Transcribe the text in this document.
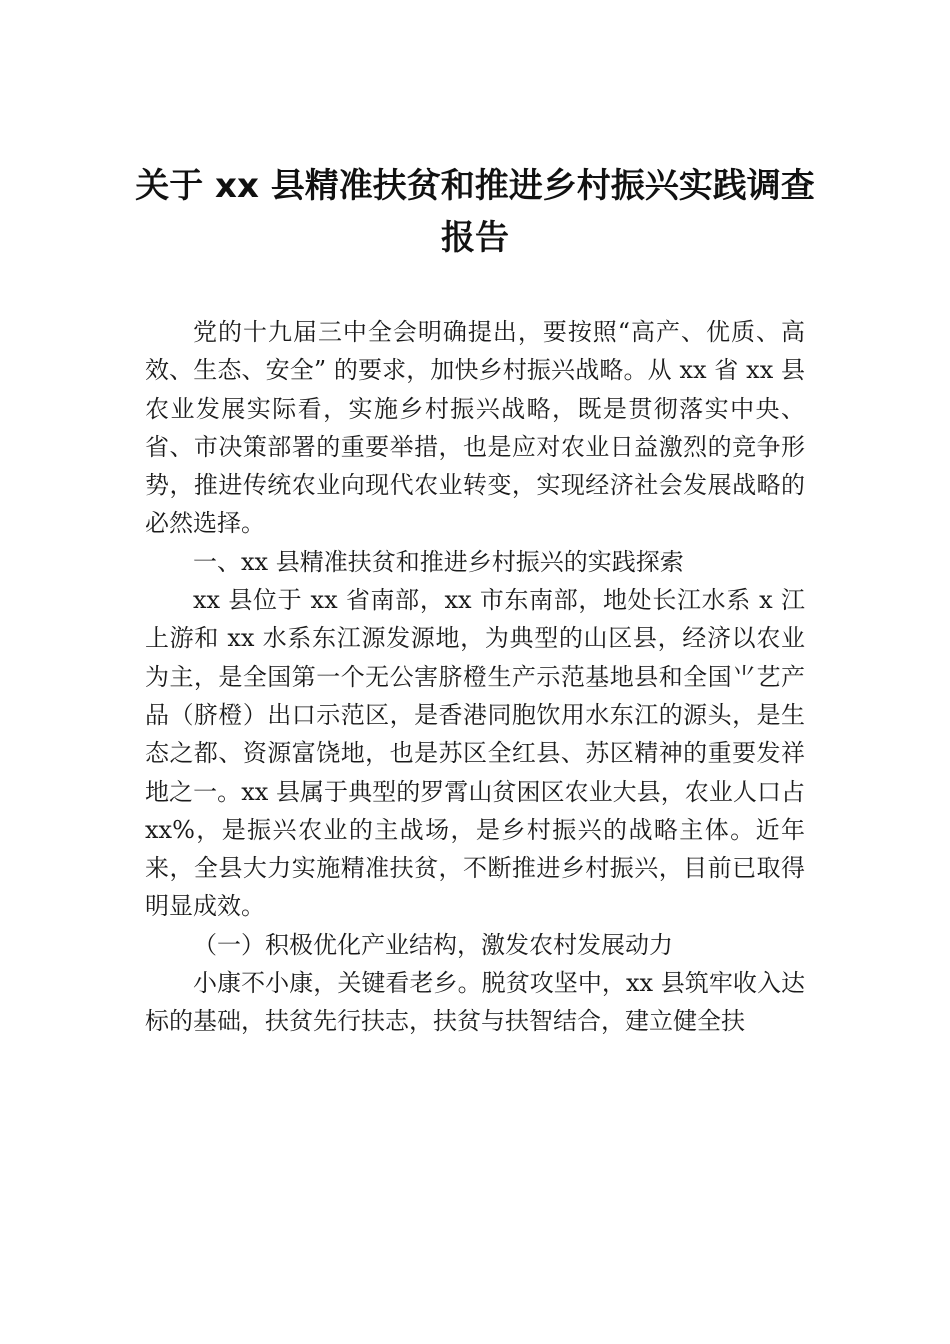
关于 xx 县精准扶贫和推进乡村振兴实践调查报告

党的十九届三中全会明确提出，要按照“高产、优质、高效、生态、安全” 的要求，加快乡村振兴战略。从 xx 省 xx 县农业发展实际看，实施乡村振兴战略，既是贯彻落实中央、省、市决策部署的重要举措，也是应对农业日益激烈的竞争形势，推进传统农业向现代农业转变，实现经济社会发展战略的必然选择。

一、xx 县精准扶贫和推进乡村振兴的实践探索

xx 县位于 xx 省南部，xx 市东南部，地处长江水系 x 江上游和 xx 水系东江源发源地，为典型的山区县，经济以农业为主，是全国第一个无公害脐橙生产示范基地县和全国⺌艺产品（脐橙）出口示范区，是香港同胞饮用水东江的源头，是生态之都、资源富饶地，也是苏区全红县、苏区精神的重要发祥地之一。xx 县属于典型的罗霄山贫困区农业大县，农业人口占 xx%，是振兴农业的主战场，是乡村振兴的战略主体。近年来，全县大力实施精准扶贫，不断推进乡村振兴，目前已取得明显成效。

（一）积极优化产业结构，激发农村发展动力

小康不小康，关键看老乡。脱贫攻坚中，xx 县筑牢收入达标的基础，扶贫先行扶志，扶贫与扶智结合，建立健全扶
